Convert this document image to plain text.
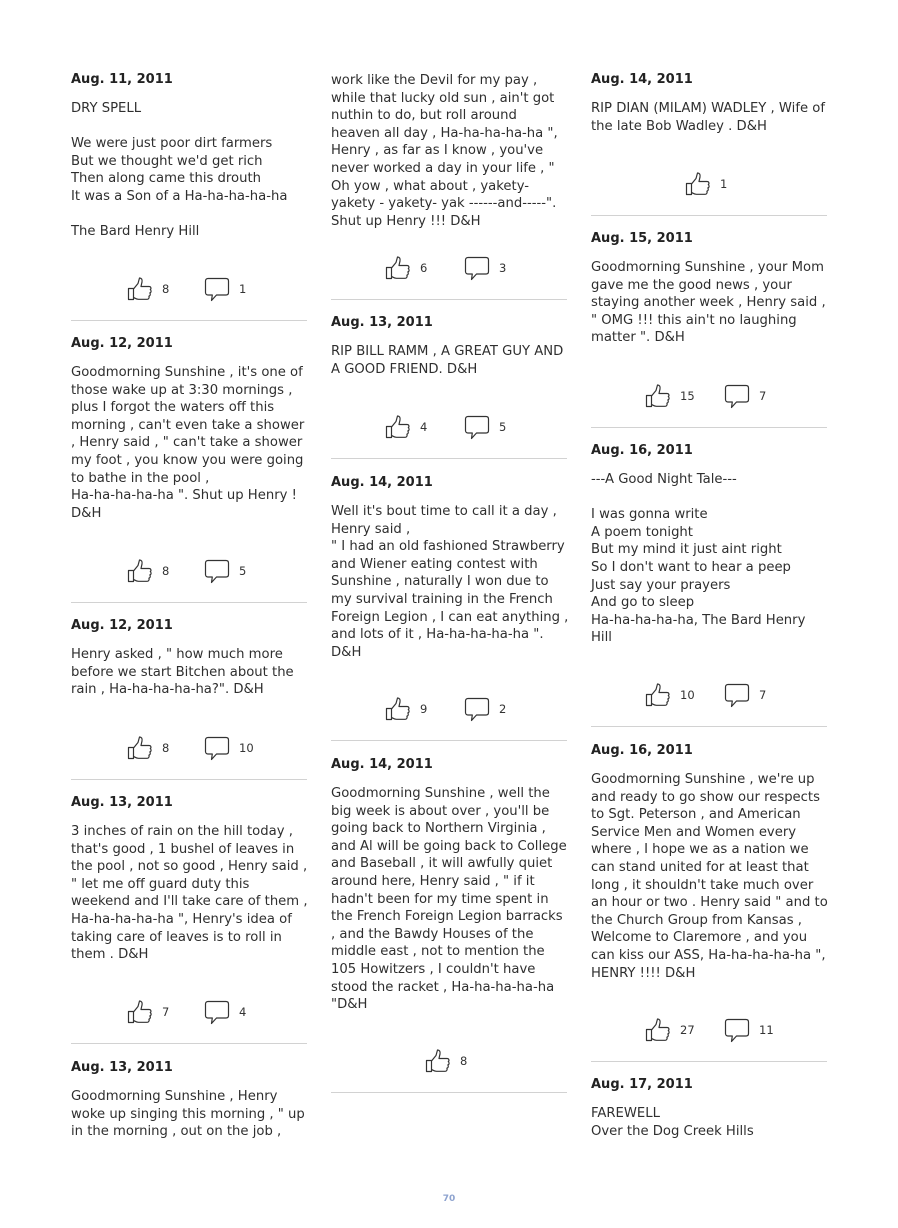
Aug. 11, 2011
DRY SPELL

We were just poor dirt farmers
But we thought we'd get rich
Then along came this drouth
It was a Son of a Ha-ha-ha-ha-ha

The Bard Henry Hill
8	1
Aug. 12, 2011
Goodmorning Sunshine , it's one of those wake up at 3:30 mornings , plus I forgot the waters off this morning , can't even take a shower , Henry said , " can't take a shower my foot , you know you were going to bathe in the pool ,
Ha-ha-ha-ha-ha ". Shut up Henry ! D&H
8	5
Aug. 12, 2011
Henry asked , " how much more before we start Bitchen about the rain , Ha-ha-ha-ha-ha?". D&H
8	10
Aug. 13, 2011
3 inches of rain on the hill today , that's good , 1 bushel of leaves in the pool , not so good , Henry said , " let me off guard duty this weekend and I'll take care of them , Ha-ha-ha-ha-ha ", Henry's idea of taking care of leaves is to roll in them . D&H
7	4
Aug. 13, 2011
Goodmorning Sunshine , Henry woke up singing this morning , " up in the morning , out on the job ,
work like the Devil for my pay , while that lucky old sun , ain't got nuthin to do, but roll around heaven all day , Ha-ha-ha-ha-ha ", Henry , as far as I know , you've never worked a day in your life , " Oh yow , what about , yakety-yakety - yakety- yak ------and-----". Shut up Henry !!! D&H
6	3
Aug. 13, 2011
RIP BILL RAMM , A GREAT GUY AND A GOOD FRIEND. D&H
4	5
Aug. 14, 2011
Well it's bout time to call it a day , Henry said ,
" I had an old fashioned Strawberry and Wiener eating contest with Sunshine , naturally I won due to my survival training in the French Foreign Legion , I can eat anything , and lots of it , Ha-ha-ha-ha-ha ". D&H
9	2
Aug. 14, 2011
Goodmorning Sunshine , well the big week is about over , you'll be going back to Northern Virginia , and Al will be going back to College and Baseball , it will awfully quiet around here, Henry said , " if it hadn't been for my time spent in the French Foreign Legion barracks , and the Bawdy Houses of the middle east , not to mention the 105 Howitzers , I couldn't have stood the racket , Ha-ha-ha-ha-ha "D&H
8
Aug. 14, 2011
RIP DIAN (MILAM) WADLEY , Wife of the late Bob Wadley . D&H
1
Aug. 15, 2011
Goodmorning Sunshine , your Mom gave me the good news , your staying another week , Henry said , " OMG !!! this ain't no laughing matter ". D&H
15	7
Aug. 16, 2011
---A Good Night Tale---

I was gonna write
A poem tonight
But my mind it just aint right
So I don't want to hear a peep
Just say your prayers
And go to sleep
Ha-ha-ha-ha-ha, The Bard Henry Hill
10	7
Aug. 16, 2011
Goodmorning Sunshine , we're up and ready to go show our respects to Sgt. Peterson , and American Service Men and Women every where , I hope we as a nation we can stand united for at least that long , it shouldn't take much over an hour or two . Henry said " and to the Church Group from Kansas , Welcome to Claremore , and you can kiss our ASS, Ha-ha-ha-ha-ha ", HENRY !!!! D&H
27	11
Aug. 17, 2011
FAREWELL
Over the Dog Creek Hills
70
